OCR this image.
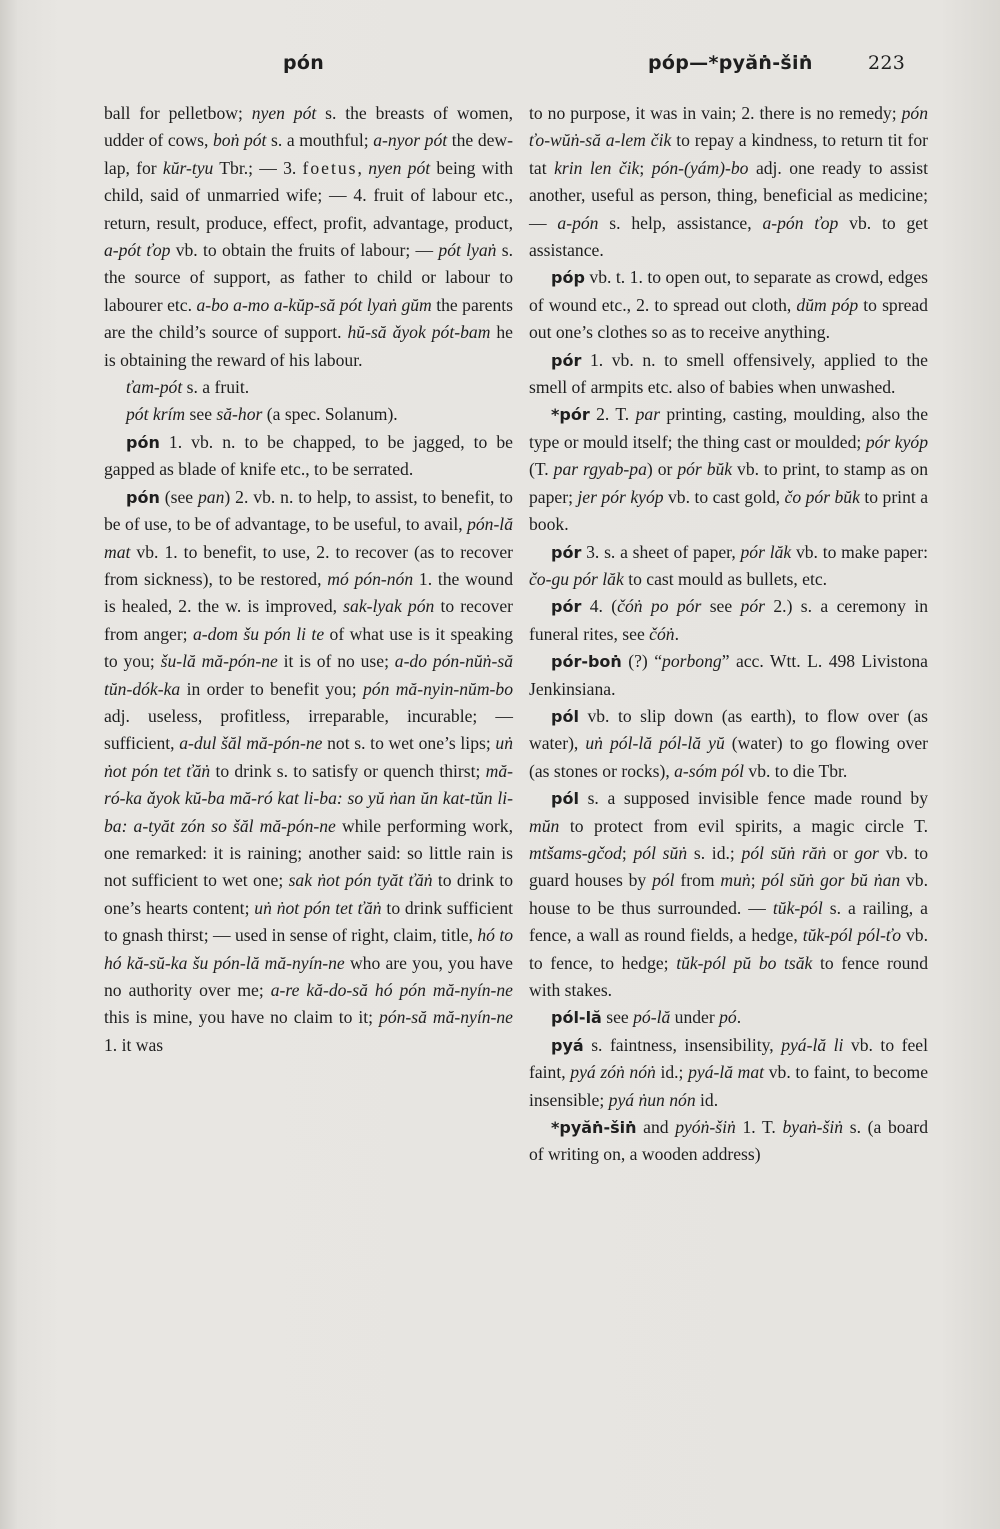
pón	póp—*pyăṅ-šiṅ	223

ball for pelletbow; nyen pót s. the breasts of women, udder of cows, boṅ pót s. a mouthful; a-nyor pót the dew-lap, for kŭr-tyu Tbr.; — 3. foetus, nyen pót being with child, said of unmarried wife; — 4. fruit of labour etc., return, result, produce, effect, profit, advantage, product, a-pót ťop vb. to obtain the fruits of labour; — pót lyaṅ s. the source of support, as father to child or labour to labourer etc. a-bo a-mo a-kŭp-să pót lyaṅ gŭm the parents are the child’s source of support. hŭ-să ǎyok pót-bam he is obtaining the reward of his labour.

ťam-pót s. a fruit.

pót krím see să-hor (a spec. Solanum).

pón 1. vb. n. to be chapped, to be jagged, to be gapped as blade of knife etc., to be serrated.

pón (see pan) 2. vb. n. to help, to assist, to benefit, to be of use, to be of advantage, to be useful, to avail, pón-lă mat vb. 1. to benefit, to use, 2. to recover (as to recover from sickness), to be restored, mó pón-nón 1. the wound is healed, 2. the w. is improved, sak-lyak pón to recover from anger; a-dom šu pón li te of what use is it speaking to you; šu-lă mă-pón-ne it is of no use; a-do pón-nŭṅ-să tŭn-dók-ka in order to benefit you; pón mă-nyin-nŭm-bo adj. useless, profitless, irreparable, incurable; — sufficient, a-dul šăl mă-pón-ne not s. to wet one’s lips; uṅ ṅot pón tet ťăṅ to drink s. to satisfy or quench thirst; mă-ró-ka ǎyok kŭ-ba mă-ró kat li-ba: so yŭ ṅan ŭn kat-tŭn li-ba: a-tyăt zón so šăl mă-pón-ne while performing work, one remarked: it is raining; another said: so little rain is not sufficient to wet one; sak ṅot pón tyăt ťăṅ to drink to one’s hearts content; uṅ ṅot pón tet ťăṅ to drink sufficient to gnash thirst; — used in sense of right, claim, title, hó to hó kă-sŭ-ka šu pón-lă mă-nyín-ne who are you, you have no authority over me; a-re kă-do-să hó pón mă-nyín-ne this is mine, you have no claim to it; pón-să mă-nyín-ne 1. it was

to no purpose, it was in vain; 2. there is no remedy; pón ťo-wŭṅ-să a-lem čik to repay a kindness, to return tit for tat krin len čik; pón-(yám)-bo adj. one ready to assist another, useful as person, thing, beneficial as medicine; — a-pón s. help, assistance, a-pón ťop vb. to get assistance.

póp vb. t. 1. to open out, to separate as crowd, edges of wound etc., 2. to spread out cloth, dŭm póp to spread out one’s clothes so as to receive anything.

pór 1. vb. n. to smell offensively, applied to the smell of armpits etc. also of babies when unwashed.

*pór 2. T. par printing, casting, moulding, also the type or mould itself; the thing cast or moulded; pór kyóp (T. par rgyab-pa) or pór bŭk vb. to print, to stamp as on paper; jer pór kyóp vb. to cast gold, čo pór bŭk to print a book.

pór 3. s. a sheet of paper, pór lăk vb. to make paper: čo-gu pór lăk to cast mould as bullets, etc.

pór 4. (čóṅ po pór see pór 2.) s. a ceremony in funeral rites, see čóṅ.

pór-boṅ (?) “porbong” acc. Wtt. L. 498 Livistona Jenkinsiana.

pól vb. to slip down (as earth), to flow over (as water), uṅ pól-lă pól-lă yŭ (water) to go flowing over (as stones or rocks), a-sóm pól vb. to die Tbr.

pól s. a supposed invisible fence made round by mŭn to protect from evil spirits, a magic circle T. mtšams-gčod; pól sŭṅ s. id.; pól sŭṅ răṅ or gor vb. to guard houses by pól from muṅ; pól sŭṅ gor bŭ ṅan vb. house to be thus surrounded. — tŭk-pól s. a railing, a fence, a wall as round fields, a hedge, tŭk-pól pól-ťo vb. to fence, to hedge; tŭk-pól pŭ bo tsăk to fence round with stakes.

pól-lă see pó-lă under pó.

pyá s. faintness, insensibility, pyá-lă li vb. to feel faint, pyá zóṅ nóṅ id.; pyá-lă mat vb. to faint, to become insensible; pyá ṅun nón id.

*pyăṅ-šiṅ and pyóṅ-šiṅ 1. T. byaṅ-šiṅ s. (a board of writing on, a wooden address)
